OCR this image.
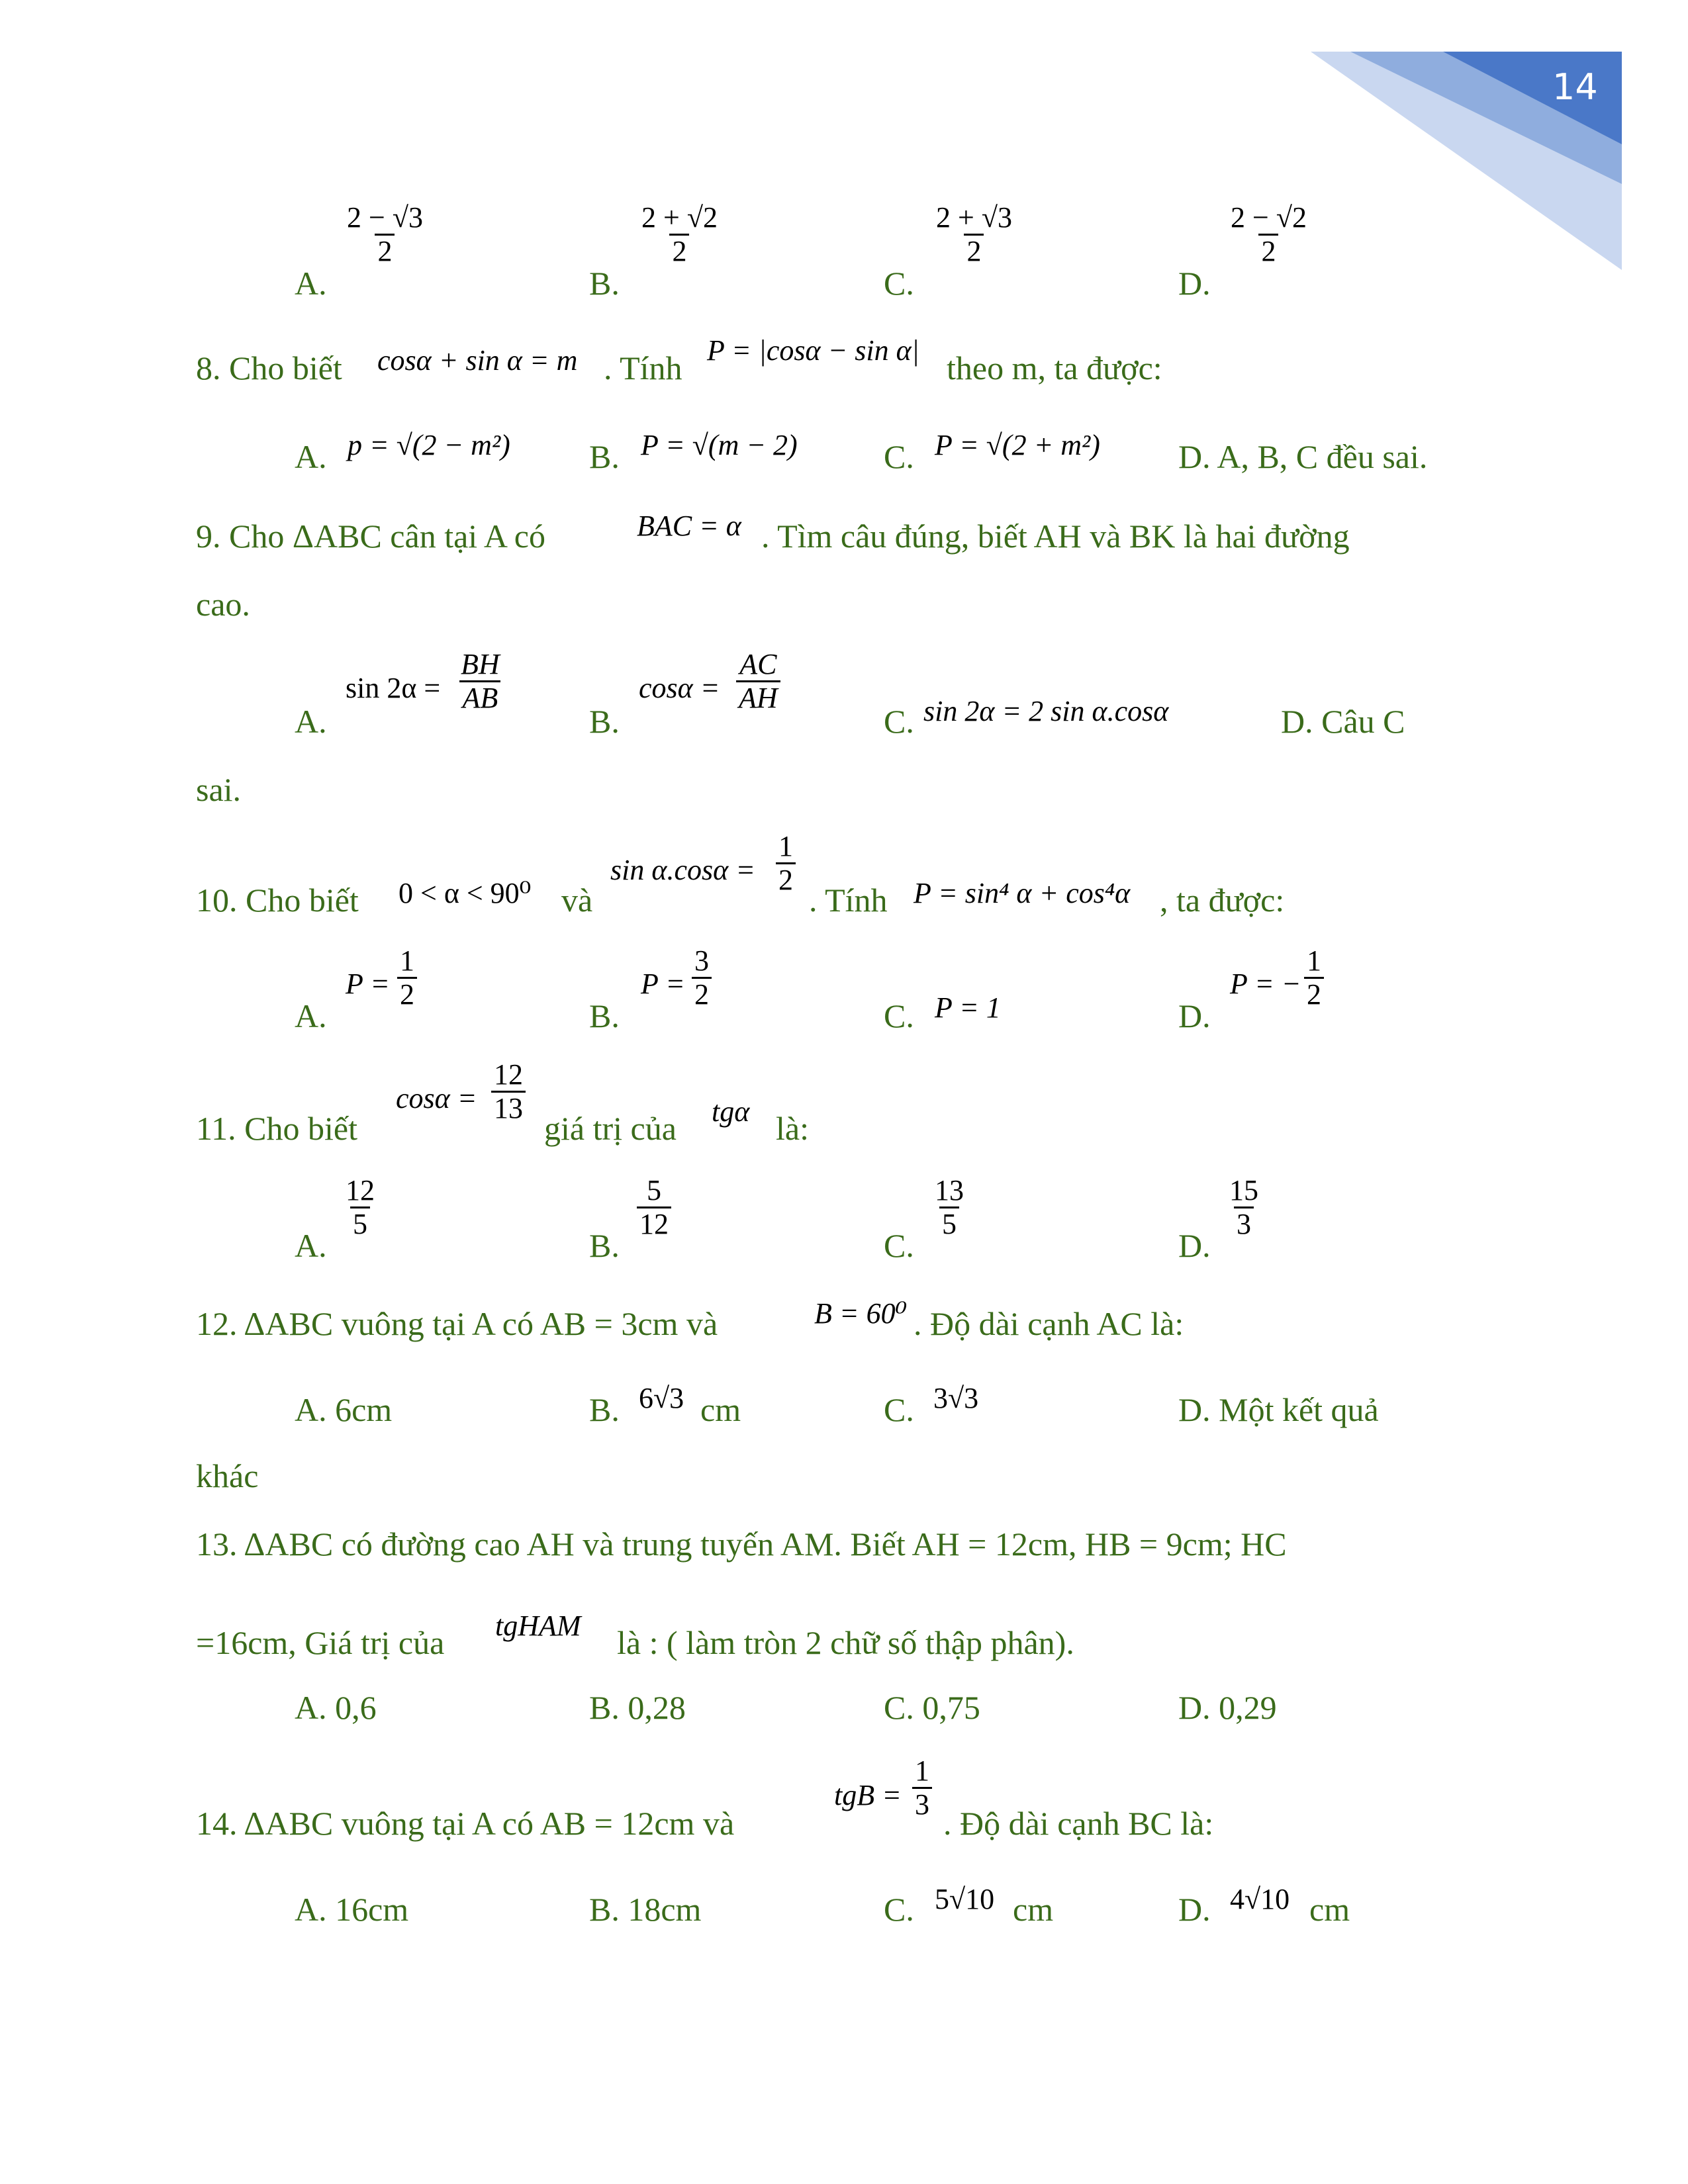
14
A.
$\frac{2 - √3}{2}$
B.
$\frac{2 + √2}{2}$
C.
$\frac{2 + √3}{2}$
D.
$\frac{2 - √2}{2}$
8. Cho biết cosα + sin α = m . Tính P = |cosα − sin α| theo m, ta được:
A. p = √(2 − m²) B. P = √(m − 2)	C. P = √(2 + m²) D. A, B, C đều sai.
9. Cho ΔABC cân tại A có	BAC = α . Tìm câu đúng, biết AH và BK là hai đường
cao.
A.
$\sin 2\alpha = \frac{BH}{AB}$
B.
$\cos\alpha = \frac{AC}{AH}$
C. sin 2α = 2 sin α.cosα	D. Câu C
sai.
10. Cho biết 0 < α < 90⁰ và
$\sin \alpha.\cos\alpha = \frac{1}{2}$
. Tính P = sin⁴ α + cos⁴α , ta được:
A.
$P = \frac{1}{2}$
B.
$P = \frac{3}{2}$
C. P = 1	D.
P = − $\frac{1}{2}$
11. Cho biết
$\cos\alpha = \frac{12}{13}$
giá trị của tgα là:
A.
$\frac{12}{5}$
B.
$\frac{5}{12}$
C.
$\frac{13}{5}$
D.
$\frac{15}{3}$
12. ΔABC vuông tại A có AB = 3cm và	B = 60⁰ . Độ dài cạnh AC là:
A. 6cm	B. 6√3 cm	C. 3√3	D. Một kết quả
khác
13. ΔABC có đường cao AH và trung tuyến AM. Biết AH = 12cm, HB = 9cm; HC
=16cm, Giá trị của tgHAM là : ( làm tròn 2 chữ số thập phân).
A. 0,6	B. 0,28	C. 0,75	D. 0,29
14. ΔABC vuông tại A có AB = 12cm và
tgB = $\frac{1}{3}$
. Độ dài cạnh BC là:
A. 16cm	B. 18cm	C. 5√10 cm	D. 4√10 cm
